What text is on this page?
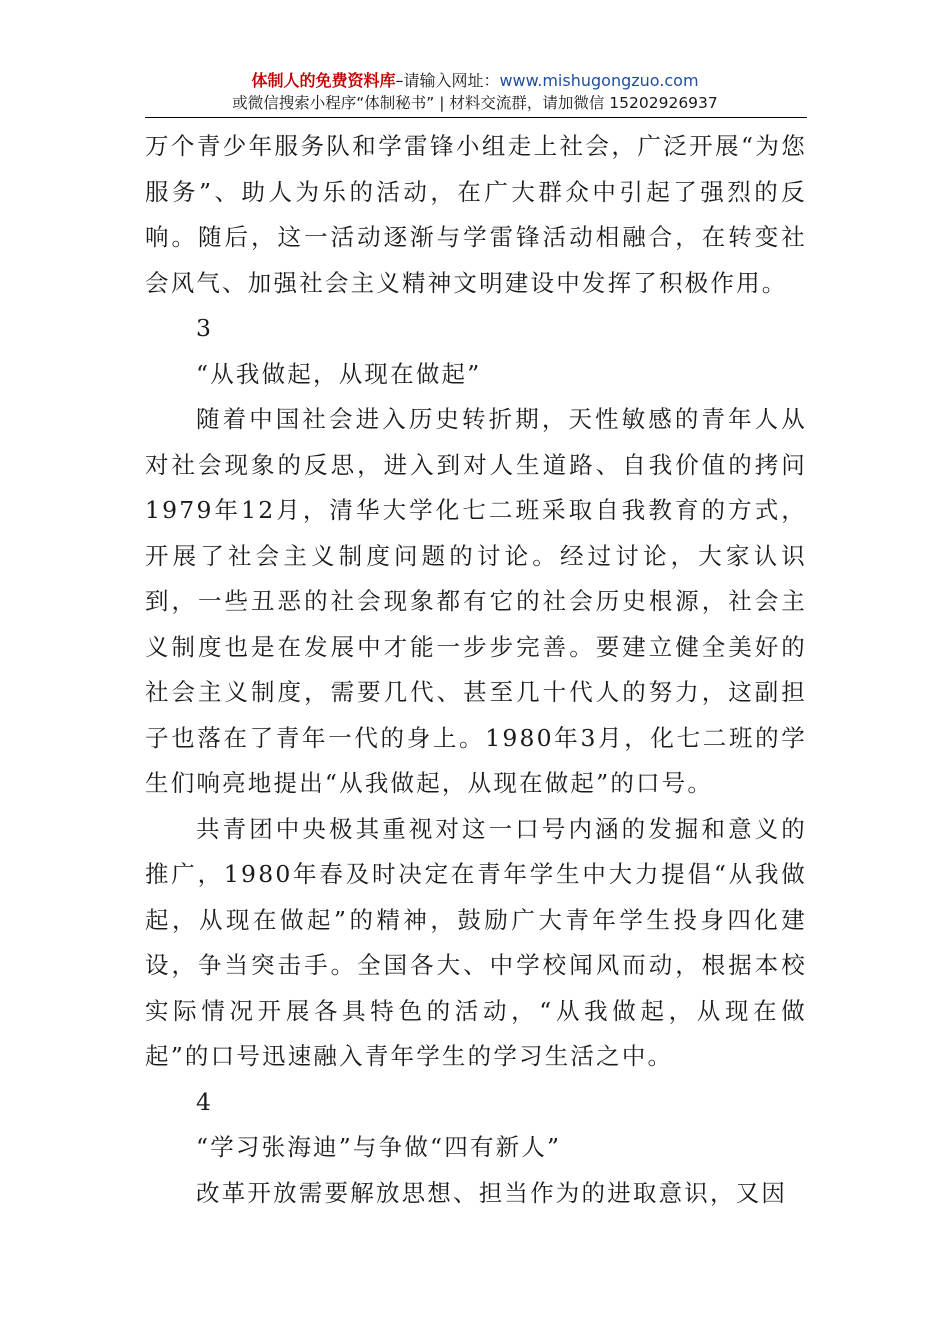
体制人的免费资料库–请输入网址：www.mishugongzuo.com
或微信搜索小程序“体制秘书” | 材料交流群，请加微信 15202926937

万个青少年服务队和学雷锋小组走上社会，广泛开展“为您服务”、助人为乐的活动，在广大群众中引起了强烈的反响。随后，这一活动逐渐与学雷锋活动相融合，在转变社会风气、加强社会主义精神文明建设中发挥了积极作用。

3

“从我做起，从现在做起”

随着中国社会进入历史转折期，天性敏感的青年人从对社会现象的反思，进入到对人生道路、自我价值的拷问1979年12月，清华大学化七二班采取自我教育的方式，开展了社会主义制度问题的讨论。经过讨论，大家认识到，一些丑恶的社会现象都有它的社会历史根源，社会主义制度也是在发展中才能一步步完善。要建立健全美好的社会主义制度，需要几代、甚至几十代人的努力，这副担子也落在了青年一代的身上。1980年3月，化七二班的学生们响亮地提出“从我做起，从现在做起”的口号。

共青团中央极其重视对这一口号内涵的发掘和意义的推广，1980年春及时决定在青年学生中大力提倡“从我做起，从现在做起”的精神，鼓励广大青年学生投身四化建设，争当突击手。全国各大、中学校闻风而动，根据本校实际情况开展各具特色的活动，“从我做起，从现在做起”的口号迅速融入青年学生的学习生活之中。

4

“学习张海迪”与争做“四有新人”

改革开放需要解放思想、担当作为的进取意识，又因
